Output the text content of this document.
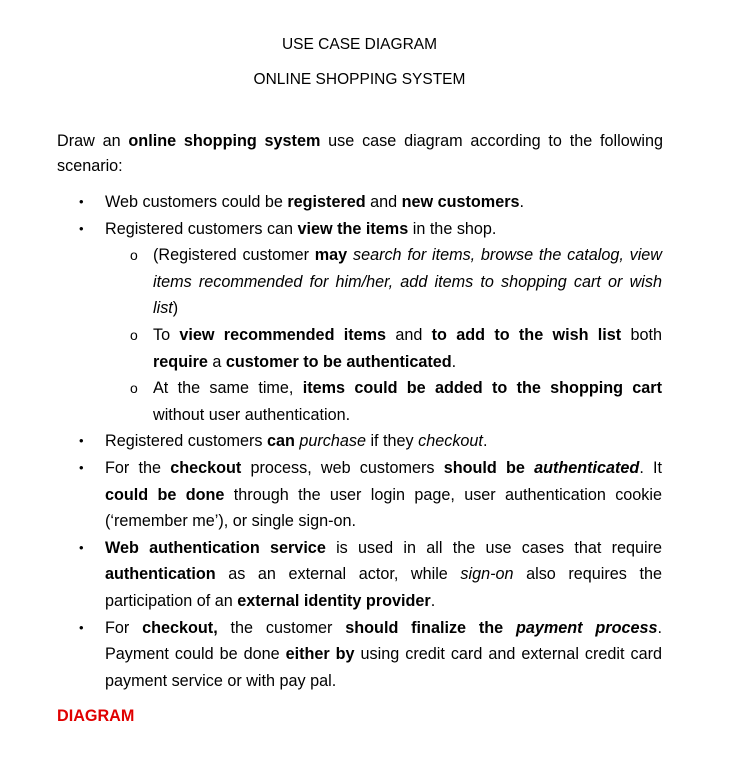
USE CASE DIAGRAM
ONLINE SHOPPING SYSTEM
Draw an online shopping system use case diagram according to the following scenario:
• Web customers could be registered and new customers.
• Registered customers can view the items in the shop.
o (Registered customer may search for items, browse the catalog, view items recommended for him/her, add items to shopping cart or wish list)
o To view recommended items and to add to the wish list both require a customer to be authenticated.
o At the same time, items could be added to the shopping cart without user authentication.
• Registered customers can purchase if they checkout.
• For the checkout process, web customers should be authenticated. It could be done through the user login page, user authentication cookie (‘remember me’), or single sign-on.
• Web authentication service is used in all the use cases that require authentication as an external actor, while sign-on also requires the participation of an external identity provider.
• For checkout, the customer should finalize the payment process. Payment could be done either by using credit card and external credit card payment service or with pay pal.
DIAGRAM
